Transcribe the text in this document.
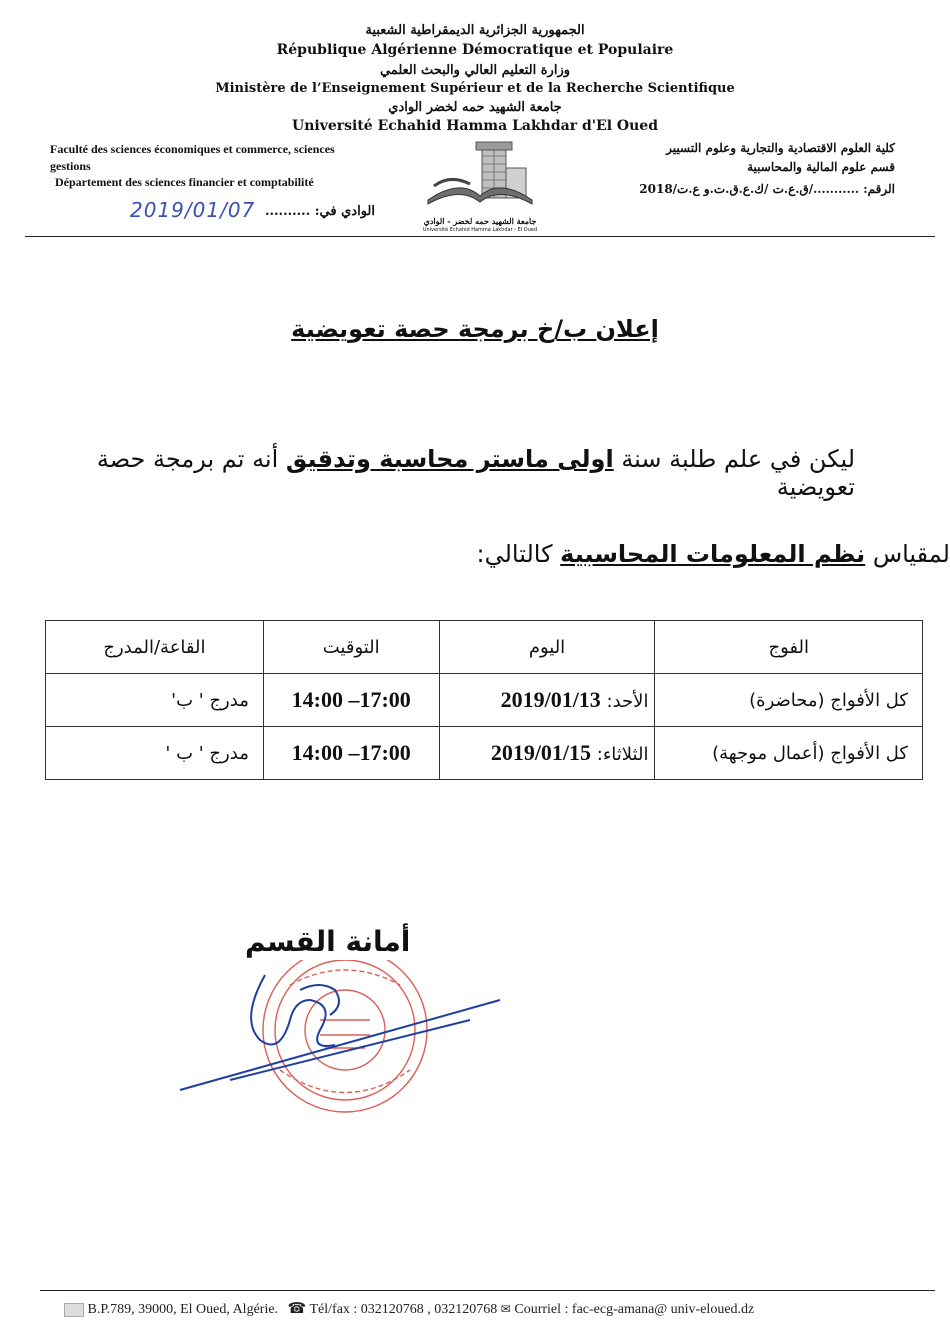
الجمهورية الجزائرية الديمقراطية الشعبية
République Algérienne Démocratique et Populaire
وزارة التعليم العالي والبحث العلمي
Ministère de l’Enseignement Supérieur et de la Recherche Scientifique
جامعة الشهيد حمه لخضر الوادي
Université Echahid Hamma Lakhdar d'El Oued
Faculté des sciences économiques et commerce, sciences
gestions
Département des sciences financier et comptabilité
2019/01/07 الوادي في: ..........
جامعة الشهيد حمه لخضر - الوادي
Université Echahid Hamma Lakhdar - El Oued
كلية العلوم الاقتصادية والتجارية وعلوم التسيير
قسم علوم المالية والمحاسبية
الرقم: .........../ق.ع.ت /ك.ع.ق.ت.و ع.ت/2018
إعلان ب/خ برمجة حصة تعويضية
ليكن في علم طلبة سنة اولى ماستر محاسبة وتدقيق أنه تم برمجة حصة تعويضية
لمقياس نظم المعلومات المحاسبية كالتالي:
الفوج	اليوم	التوقيت	القاعة/المدرج
كل الأفواج (محاضرة)	الأحد: 2019/01/13	14:00 –17:00	مدرج ' ب'
كل الأفواج (أعمال موجهة)	الثلاثاء: 2019/01/15	14:00 –17:00	مدرج ' ب '
أمانة القسم
B.P.789, 39000, El Oued, Algérie. ☎ Tél/fax : 032120768 , 032120768 ✉ Courriel : fac-ecg-amana@ univ-eloued.dz
